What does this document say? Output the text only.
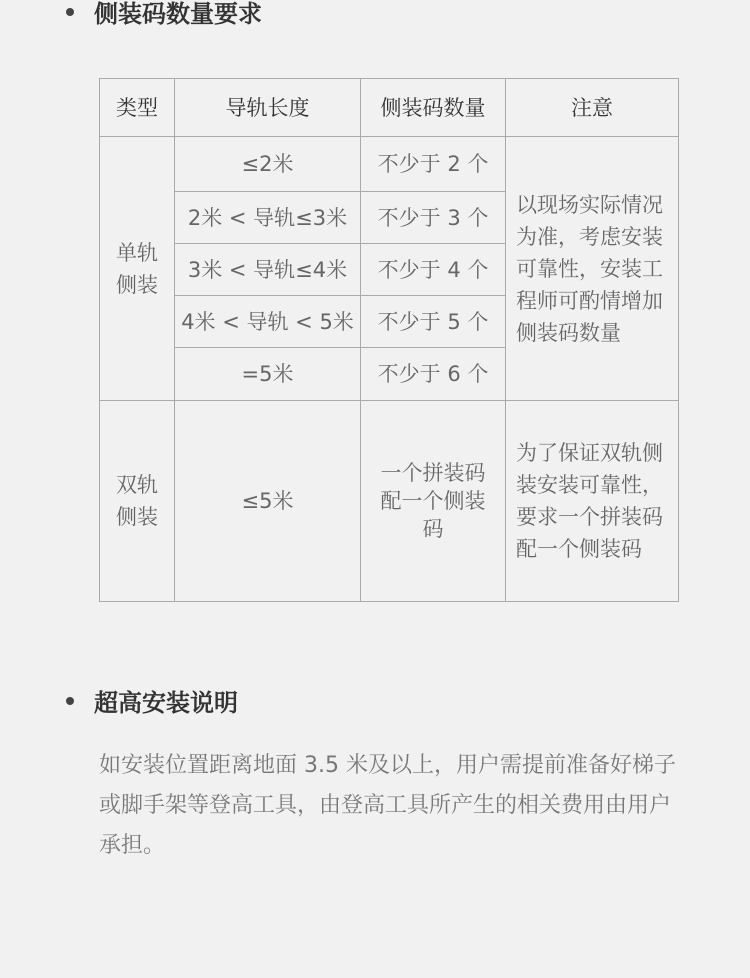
侧装码数量要求
类型	导轨长度	侧装码数量	注意

单轨侧装	≤2米	不少于 2 个	以现场实际情况为准，考虑安装可靠性，安装工程师可酌情增加侧装码数量
	2米 < 导轨≤3米	不少于 3 个	
	3米 < 导轨≤4米	不少于 4 个	
	4米 < 导轨 < 5米	不少于 5 个	
	=5米	不少于 6 个	

双轨侧装	≤5米	一个拼装码配一个侧装码	为了保证双轨侧装安装可靠性，要求一个拼装码配一个侧装码
超高安装说明
如安装位置距离地面 3.5 米及以上，用户需提前准备好梯子或脚手架等登高工具，由登高工具所产生的相关费用由用户承担。
